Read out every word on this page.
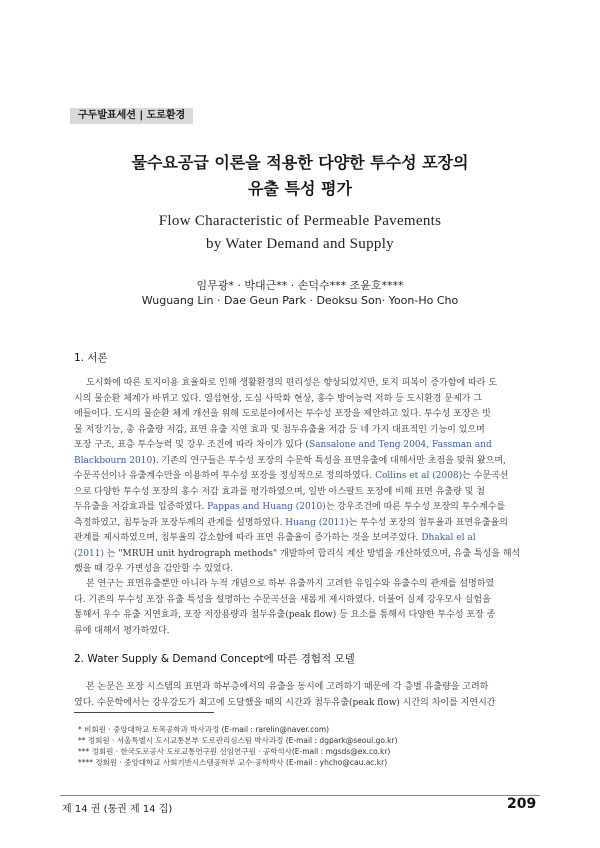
구두발표세션 | 도로환경
물수요공급 이론을 적용한 다양한 투수성 포장의
유출 특성 평가
Flow Characteristic of Permeable Pavements
by Water Demand and Supply
임무광* · 박대근** · 손덕수*** 조윤호****
Wuguang Lin · Dae Geun Park · Deoksu Son· Yoon-Ho Cho
1. 서론
도시화에 따른 토지이용 효율화로 인해 생활환경의 편리성은 향상되었지만, 토지 피복이 증가함에 따라 도
시의 물순환 체계가 바뀌고 있다. 열섬현상, 도심 사막화 현상, 홍수 방어능력 저하 등 도시환경 문제가 그
에들이다. 도시의 물순환 체계 개선을 위해 도로분야에서는 투수성 포장을 제안하고 있다. 투수성 포장은 빗
물 저장기능, 총 유출량 저감, 표면 유출 지연 효과 및 첨두유출율 저감 등 네 가지 대표적인 기능이 있으며
포장 구조, 표층 투수능력 및 강우 조건에 따라 차이가 있다 (Sansalone and Teng 2004, Fassman and
Blackbourn 2010). 기존의 연구들은 투수성 포장의 수문학 특성을 표면유출에 대해서만 초점을 맞춰 왔으며,
수문곡선이나 유출계수만을 이용하여 투수성 포장을 정성적으로 정의하였다. Collins et al (2008)는 수문곡선
으로 다양한 투수성 포장의 홍수 저감 효과를 평가하였으며, 일반 아스팔트 포장에 비해 표면 유출량 및 첨
두유출을 저감효과를 입증하였다. Pappas and Huang (2010)는 강우조건에 따른 투수성 포장의 투수계수를
측정하였고, 침투능과 포장두께의 관계를 설명하였다. Huang (2011)는 투수성 포장의 첨투율과 표면유출율의
관계를 제시하였으며, 침투율의 감소함에 따라 표면 유출율이 증가하는 것을 보여주었다. Dhakal el al
(2011) 는 "MRUH unit hydrograph methods" 개발하여 합리식 계산 방법을 개산하였으며, 유출 특성을 해석
했을 때 강우 가변성을 감안할 수 있었다.
본 연구는 표면유출뿐만 아니라 누적 개념으로 하부 유출까지 고려한 유입수와 유출수의 관계를 설명하였
다. 기존의 투수성 포장 유출 특성을 설명하는 수문곡선을 새롭게 제시하였다. 더불어 실제 강우모사 실험을
통해서 우수 유출 지연효과, 포장 저장용량과 첨두유출(peak flow) 등 요소를 통해서 다양한 투수성 포장 종
류에 대해서 평가하였다.
2. Water Supply & Demand Concept에 따른 경험적 모델
본 논문은 포장 시스템의 표면과 하부층에서의 유출을 동시에 고려하기 때문에 각 층별 유출량을 고려하
였다. 수문학에서는 강우강도가 최고에 도달했을 때의 시간과 첨두유출(peak flow) 시간의 차이를 지연시간
* 비회원 · 중앙대학교 토목공학과 박사과정 (E-mail : rarelin@naver.com)
** 정회원 · 서울특별시 도시교통본부 도로관리심스팀 박사과정 (E-mail : dgpark@seoul.go.kr)
*** 정회원 · 한국도로공사 도로교통연구원 선임연구원 · 공학석사(E-mail : mgsds@ex.co.kr)
**** 정회원 · 중앙대학교 사회기반시스템공학부 교수·공학박사 (E-mail : yhcho@cau.ac.kr)
제 14 권 (통권 제 14 집)	209
